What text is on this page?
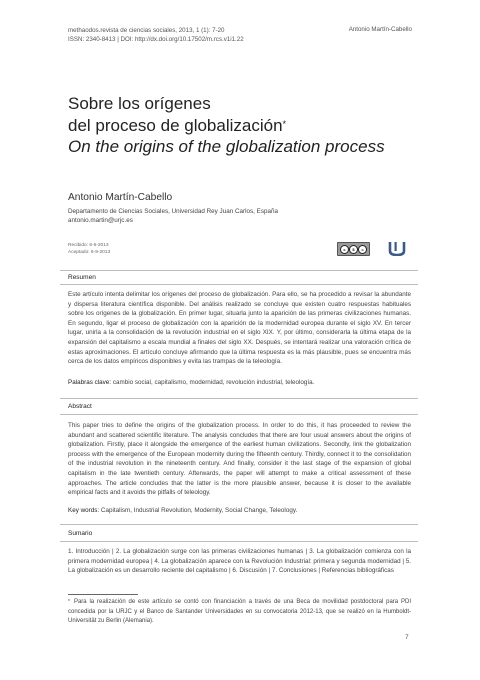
methaodos.revista de ciencias sociales, 2013, 1 (1): 7-20
ISSN: 2340-8413 | DOI: http://dx.doi.org/10.17502/m.rcs.v1i1.22
Antonio Martín-Cabello
Sobre los orígenes
del proceso de globalización*
On the origins of the globalization process
Antonio Martín-Cabello
Departamento de Ciencias Sociales, Universidad Rey Juan Carlos, España
antonio.martin@urjc.es
Recibido: 6-5-2013
Aceptado: 6-9-2013
c	$	=
Resumen
Este artículo intenta delimitar los orígenes del proceso de globalización. Para ello, se ha procedido a revisar la abundante y dispersa literatura científica disponible. Del análisis realizado se concluye que existen cuatro respuestas habituales sobre los orígenes de la globalización. En primer lugar, situarla junto la aparición de las primeras civilizaciones humanas. En segundo, ligar el proceso de globalización con la aparición de la modernidad europea durante el siglo XV. En tercer lugar, unirla a la consolidación de la revolución industrial en el siglo XIX. Y, por último, considerarla la última etapa de la expansión del capitalismo a escala mundial a finales del siglo XX. Después, se intentará realizar una valoración crítica de estas aproximaciones. El artículo concluye afirmando que la última respuesta es la más plausible, pues se encuentra más cerca de los datos empíricos disponibles y evita las trampas de la teleología.
Palabras clave: cambio social, capitalismo, modernidad, revolución industrial, teleología.
Abstract
This paper tries to define the origins of the globalization process. In order to do this, it has proceeded to review the abundant and scattered scientific literature. The analysis concludes that there are four usual answers about the origins of globalization. Firstly, place it alongside the emergence of the earliest human civilizations. Secondly, link the globalization process with the emergence of the European modernity during the fifteenth century. Thirdly, connect it to the consolidation of the industrial revolution in the nineteenth century. And finally, consider it the last stage of the expansion of global capitalism in the late twentieth century. Afterwards, the paper will attempt to make a critical assessment of these approaches. The article concludes that the latter is the more plausible answer, because it is closer to the available empirical facts and it avoids the pitfalls of teleology.
Key words: Capitalism, Industrial Revolution, Modernity, Social Change, Teleology.
Sumario
1. Introducción | 2. La globalización surge con las primeras civilizaciones humanas | 3. La globalización comienza con la primera modernidad europea | 4. La globalización aparece con la Revolución Industrial: primera y segunda modernidad | 5. La globalización es un desarrollo reciente del capitalismo | 6. Discusión | 7. Conclusiones | Referencias bibliográficas
* Para la realización de este artículo se contó con financiación a través de una Beca de movilidad postdoctoral para PDI concedida por la URJC y el Banco de Santander Universidades en su convocatoria 2012-13, que se realizó en la Humboldt-Universität zu Berlin (Alemania).
7
